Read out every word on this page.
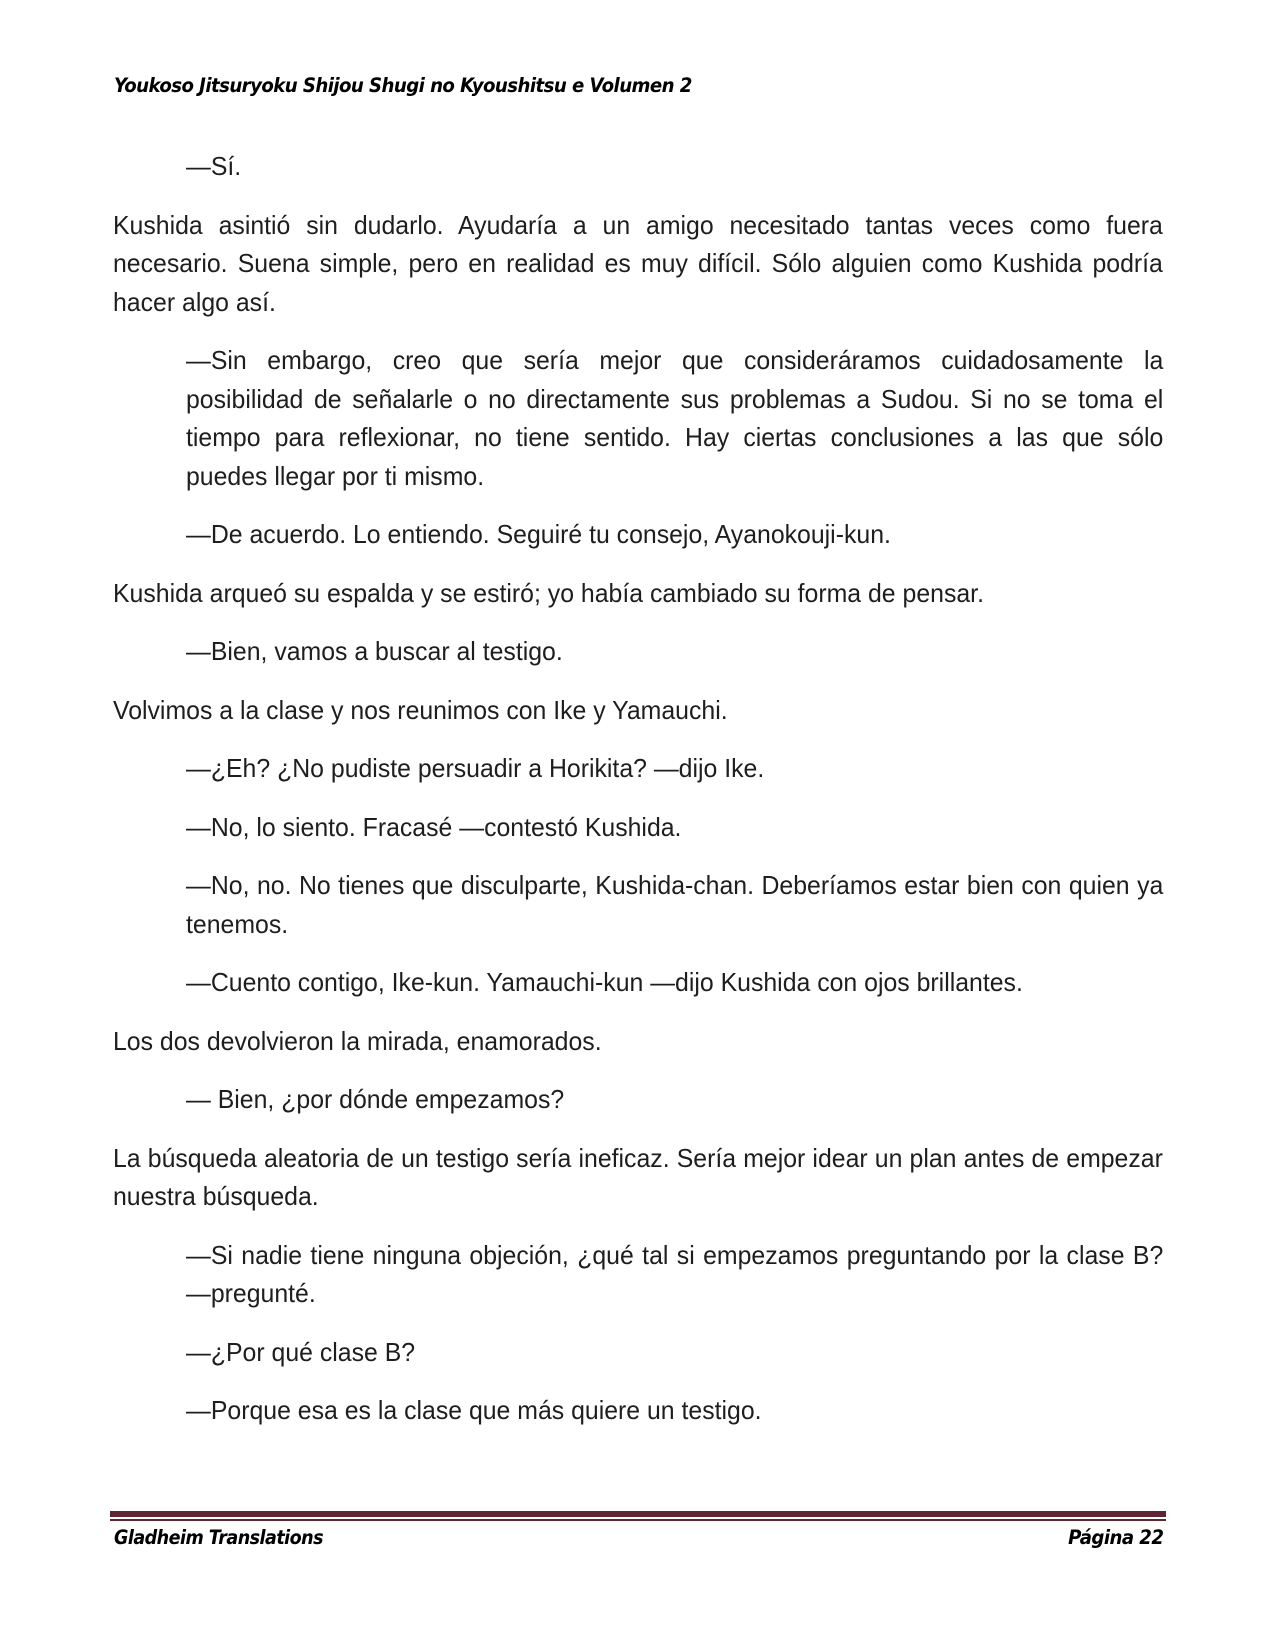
Youkoso Jitsuryoku Shijou Shugi no Kyoushitsu e Volumen 2

—Sí.

Kushida asintió sin dudarlo. Ayudaría a un amigo necesitado tantas veces como fuera necesario. Suena simple, pero en realidad es muy difícil. Sólo alguien como Kushida podría hacer algo así.

—Sin embargo, creo que sería mejor que consideráramos cuidadosamente la posibilidad de señalarle o no directamente sus problemas a Sudou. Si no se toma el tiempo para reflexionar, no tiene sentido. Hay ciertas conclusiones a las que sólo puedes llegar por ti mismo.

—De acuerdo. Lo entiendo. Seguiré tu consejo, Ayanokouji-kun.

Kushida arqueó su espalda y se estiró; yo había cambiado su forma de pensar.

—Bien, vamos a buscar al testigo.

Volvimos a la clase y nos reunimos con Ike y Yamauchi.

—¿Eh? ¿No pudiste persuadir a Horikita? —dijo Ike.

—No, lo siento. Fracasé —contestó Kushida.

—No, no. No tienes que disculparte, Kushida-chan. Deberíamos estar bien con quien ya tenemos.

—Cuento contigo, Ike-kun. Yamauchi-kun —dijo Kushida con ojos brillantes.

Los dos devolvieron la mirada, enamorados.

— Bien, ¿por dónde empezamos?

La búsqueda aleatoria de un testigo sería ineficaz. Sería mejor idear un plan antes de empezar nuestra búsqueda.

—Si nadie tiene ninguna objeción, ¿qué tal si empezamos preguntando por la clase B? —pregunté.

—¿Por qué clase B?

—Porque esa es la clase que más quiere un testigo.

Gladheim Translations	Página 22
